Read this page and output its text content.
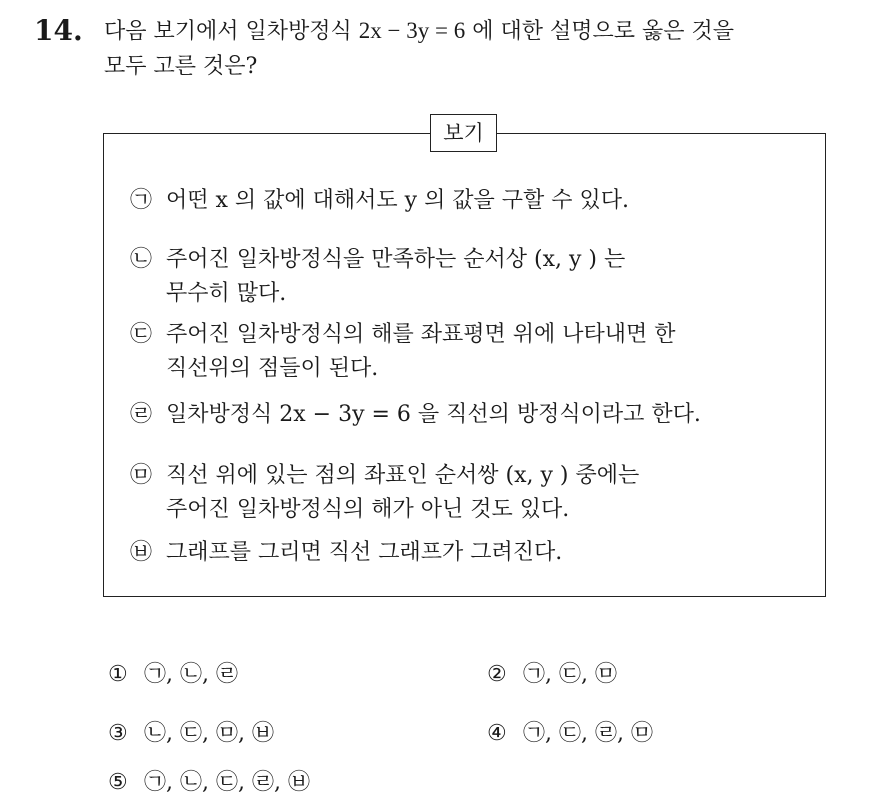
14. 다음 보기에서 일차방정식 2x − 3y = 6 에 대한 설명으로 옳은 것을
모두 고른 것은?
보기
㉠ 어떤 x 의 값에 대해서도 y 의 값을 구할 수 있다.
㉡ 주어진 일차방정식을 만족하는 순서상 (x, y ) 는
무수히 많다.
㉢ 주어진 일차방정식의 해를 좌표평면 위에 나타내면 한
직선위의 점들이 된다.
㉣ 일차방정식 2x − 3y = 6 을 직선의 방정식이라고 한다.
㉤ 직선 위에 있는 점의 좌표인 순서쌍 (x, y ) 중에는
주어진 일차방정식의 해가 아닌 것도 있다.
㉥ 그래프를 그리면 직선 그래프가 그려진다.
① ㉠, ㉡, ㉣	② ㉠, ㉢, ㉤
③ ㉡, ㉢, ㉤, ㉥	④ ㉠, ㉢, ㉣, ㉤
⑤ ㉠, ㉡, ㉢, ㉣, ㉥
